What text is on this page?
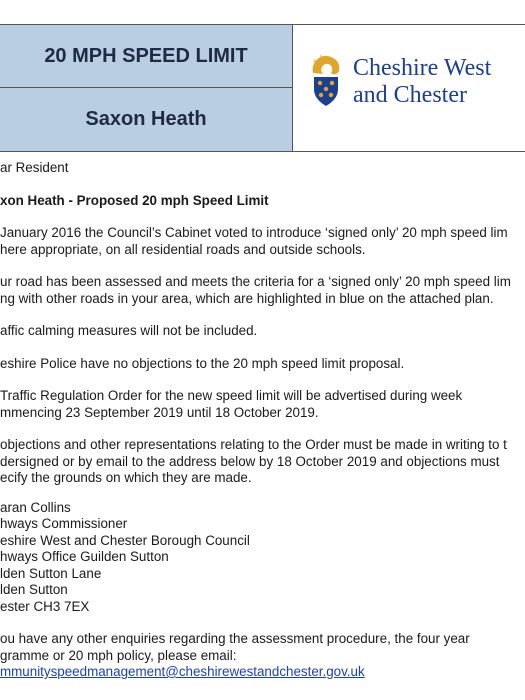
20 MPH SPEED LIMIT
Saxon Heath
Cheshire West
and Chester

ar Resident

xon Heath - Proposed 20 mph Speed Limit

January 2016 the Council’s Cabinet voted to introduce ‘signed only’ 20 mph speed lim

here appropriate, on all residential roads and outside schools.

ur road has been assessed and meets the criteria for a ‘signed only’ 20 mph speed lim

ng with other roads in your area, which are highlighted in blue on the attached plan.

affic calming measures will not be included.

eshire Police have no objections to the 20 mph speed limit proposal.

Traffic Regulation Order for the new speed limit will be advertised during week

mmencing 23 September 2019 until 18 October 2019.

objections and other representations relating to the Order must be made in writing to t

dersigned or by email to the address below by 18 October 2019 and objections must

ecify the grounds on which they are made.

aran Collins

hways Commissioner

eshire West and Chester Borough Council

hways Office Guilden Sutton

lden Sutton Lane

lden Sutton

ester CH3 7EX

ou have any other enquiries regarding the assessment procedure, the four year

gramme or 20 mph policy, please email:

mmunityspeedmanagement@cheshirewestandchester.gov.uk
